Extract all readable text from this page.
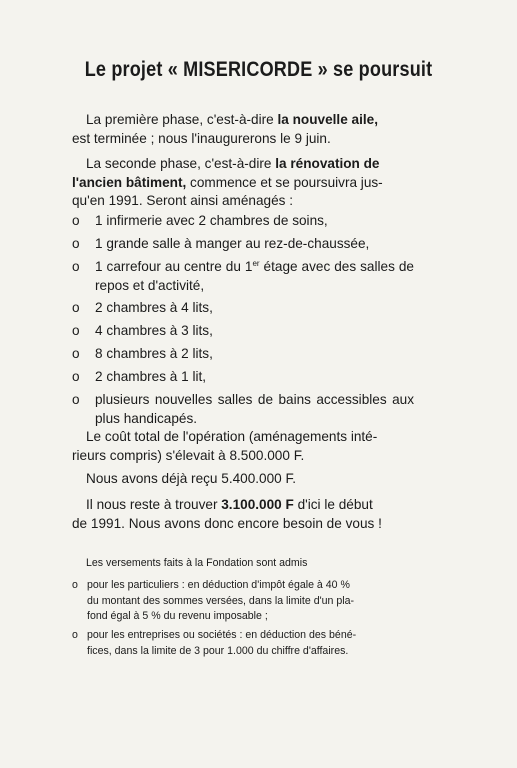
Le projet « MISERICORDE » se poursuit
La première phase, c'est-à-dire la nouvelle aile,
est terminée ; nous l'inaugurerons le 9 juin.
La seconde phase, c'est-à-dire la rénovation de
l'ancien bâtiment, commence et se poursuivra jus-
qu'en 1991. Seront ainsi aménagés :
o 1 infirmerie avec 2 chambres de soins,
o 1 grande salle à manger au rez-de-chaussée,
o 1 carrefour au centre du 1er étage avec des salles de repos et d'activité,
o 2 chambres à 4 lits,
o 4 chambres à 3 lits,
o 8 chambres à 2 lits,
o 2 chambres à 1 lit,
o plusieurs nouvelles salles de bains accessibles aux plus handicapés.
Le coût total de l'opération (aménagements inté-
rieurs compris) s'élevait à 8.500.000 F.
Nous avons déjà reçu 5.400.000 F.
Il nous reste à trouver 3.100.000 F d'ici le début
de 1991. Nous avons donc encore besoin de vous !
Les versements faits à la Fondation sont admis
o pour les particuliers : en déduction d'impôt égale à 40 %
du montant des sommes versées, dans la limite d'un pla-
fond égal à 5 % du revenu imposable ;
o pour les entreprises ou sociétés : en déduction des béné-
fices, dans la limite de 3 pour 1.000 du chiffre d'affaires.
